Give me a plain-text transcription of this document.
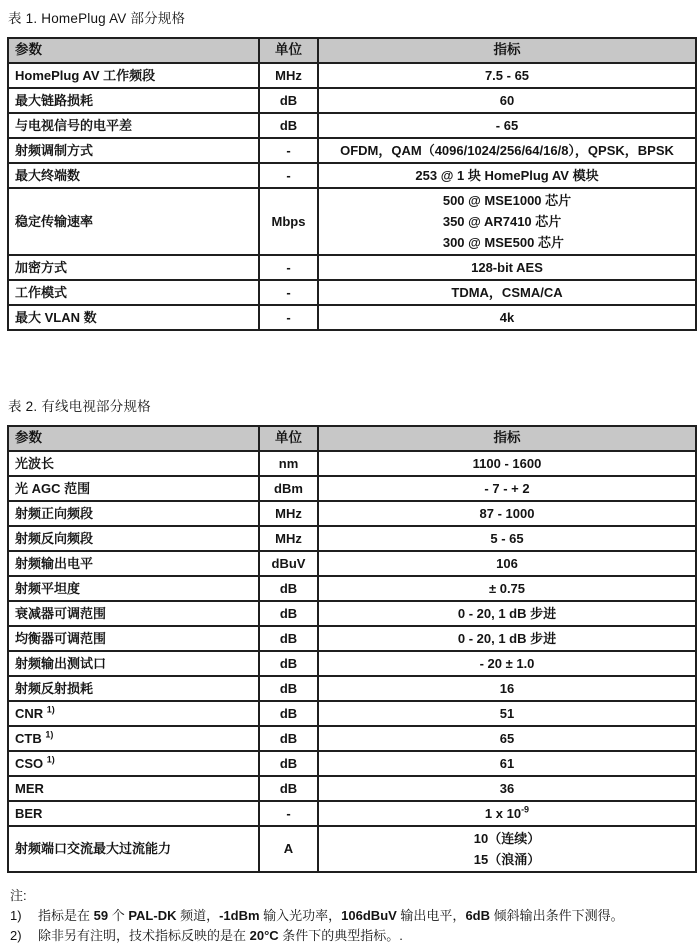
表 1. HomePlug AV 部分规格
参数	单位	指标
HomePlug AV 工作频段	MHz	7.5 - 65
最大链路损耗	dB	60
与电视信号的电平差	dB	- 65
射频调制方式	-	OFDM，QAM（4096/1024/256/64/16/8），QPSK，BPSK
最大终端数	-	253 @ 1 块 HomePlug AV 模块
稳定传输速率	Mbps	500 @ MSE1000 芯片
350 @ AR7410 芯片
300 @ MSE500 芯片

加密方式	-	128-bit AES
工作模式	-	TDMA，CSMA/CA
最大 VLAN 数	-	4k
表 2. 有线电视部分规格
参数	单位	指标
光波长	nm	1100 - 1600
光 AGC 范围	dBm	- 7 - + 2
射频正向频段	MHz	87 - 1000
射频反向频段	MHz	5 - 65
射频输出电平	dBuV	106
射频平坦度	dB	± 0.75
衰减器可调范围	dB	0 - 20, 1 dB 步进
均衡器可调范围	dB	0 - 20, 1 dB 步进
射频输出测试口	dB	- 20 ± 1.0
射频反射损耗	dB	16
CNR $^{1)}$	dB	51
CTB $^{1)}$	dB	65
CSO $^{1)}$	dB	61
MER	dB	36
BER	-	1 x $10^{-9}$
射频端口交流最大过流能力	A	10（连续）
15（浪涌）
注:
1)	指标是在 59 个 PAL-DK 频道，-1dBm 输入光功率，106dBuV 输出电平，6dB 倾斜输出条件下测得。
2)	除非另有注明，技术指标反映的是在 20°C 条件下的典型指标。.
